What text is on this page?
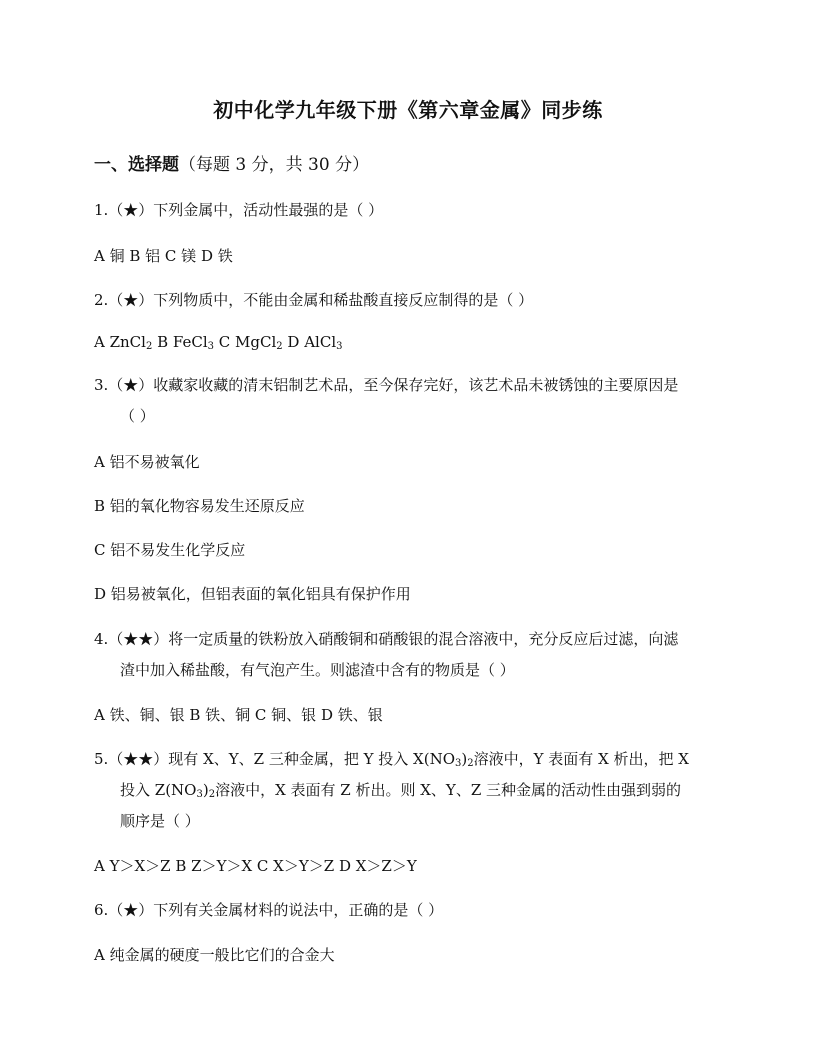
初中化学九年级下册《第六章金属》同步练
一、选择题（每题 3 分，共 30 分）
1.（★）下列金属中，活动性最强的是（ ）
A 铜 B 铝 C 镁 D 铁
2.（★）下列物质中，不能由金属和稀盐酸直接反应制得的是（ ）
A ZnCl$_2$ B FeCl$_3$ C MgCl$_2$ D AlCl$_3$
3.（★）收藏家收藏的清末铝制艺术品，至今保存完好，该艺术品未被锈蚀的主要原因是
（ ）
A 铝不易被氧化
B 铝的氧化物容易发生还原反应
C 铝不易发生化学反应
D 铝易被氧化，但铝表面的氧化铝具有保护作用
4.（★★）将一定质量的铁粉放入硝酸铜和硝酸银的混合溶液中，充分反应后过滤，向滤
渣中加入稀盐酸，有气泡产生。则滤渣中含有的物质是（ ）
A 铁、铜、银 B 铁、铜 C 铜、银 D 铁、银
5.（★★）现有 X、Y、Z 三种金属，把 Y 投入 $X(NO_3)_2$溶液中，Y 表面有 X 析出，把 X
投入 $Z(NO_3)_2$溶液中，X 表面有 Z 析出。则 X、Y、Z 三种金属的活动性由强到弱的
顺序是（ ）
A Y＞X＞Z B Z＞Y＞X C X＞Y＞Z D X＞Z＞Y
6.（★）下列有关金属材料的说法中，正确的是（ ）
A 纯金属的硬度一般比它们的合金大
